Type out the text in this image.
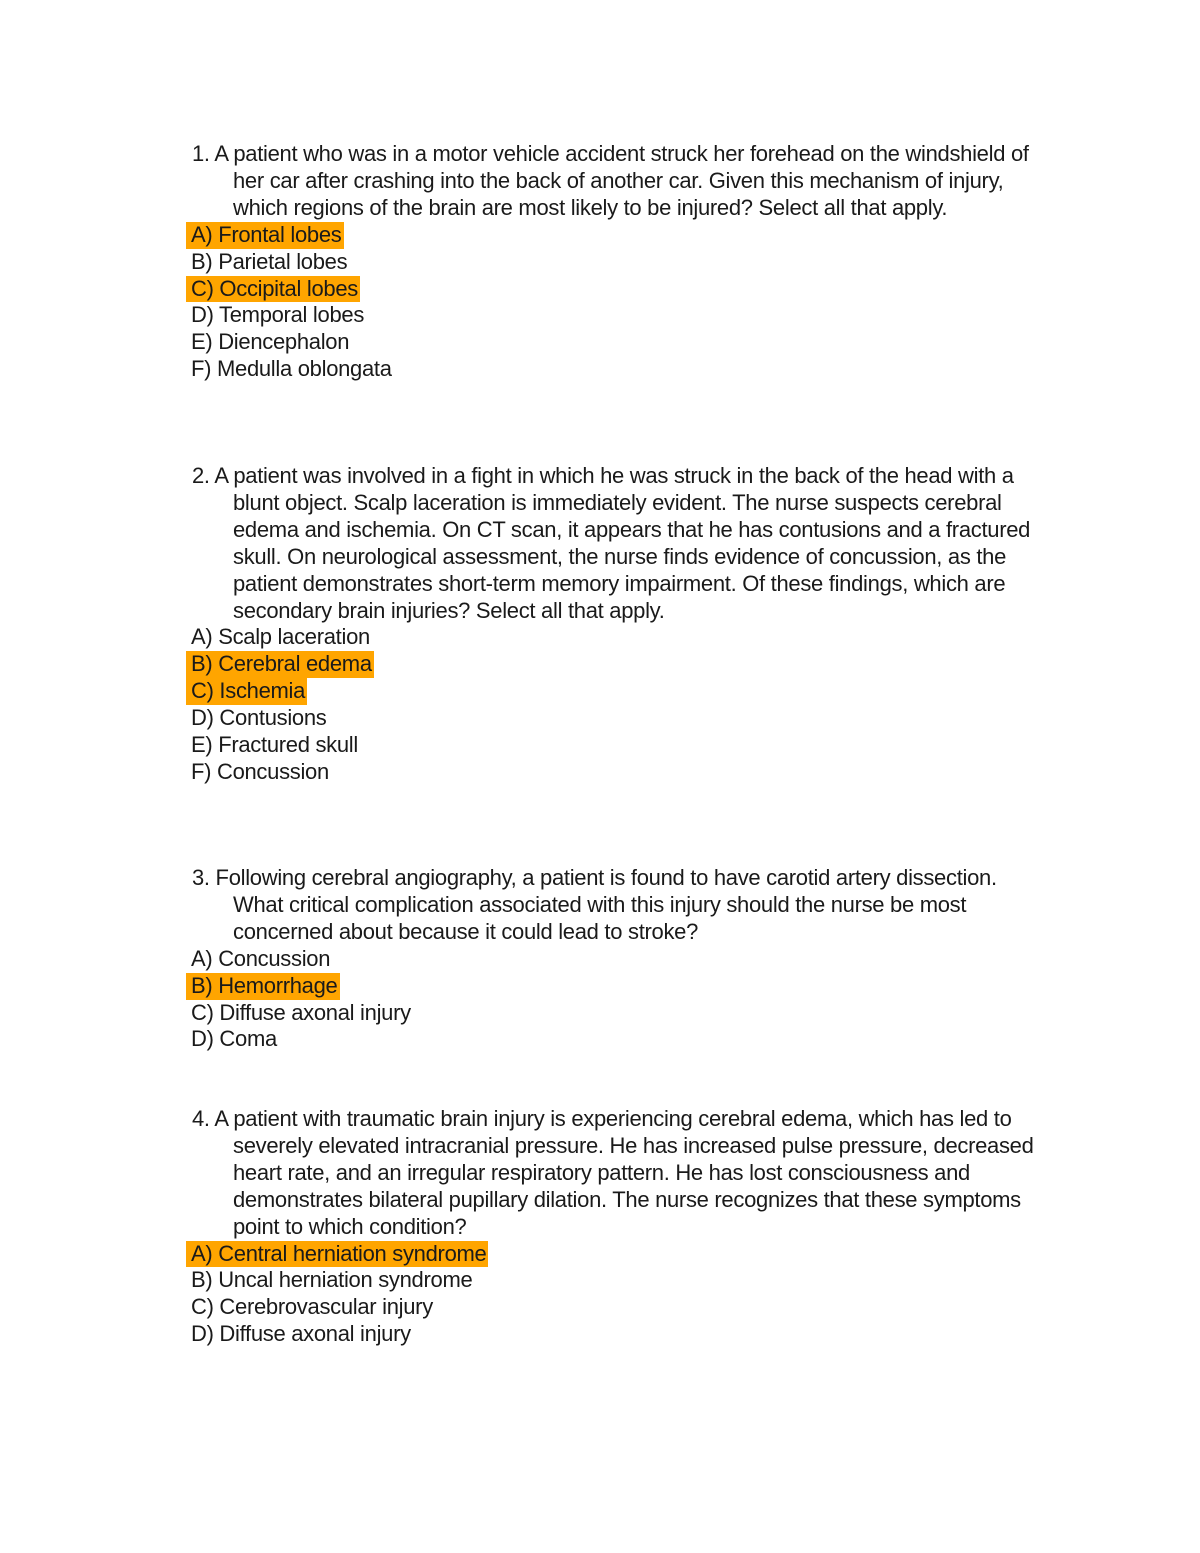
1. A patient who was in a motor vehicle accident struck her forehead on the windshield of her car after crashing into the back of another car. Given this mechanism of injury, which regions of the brain are most likely to be injured? Select all that apply.

A) Frontal lobes
B) Parietal lobes
C) Occipital lobes
D) Temporal lobes
E) Diencephalon
F) Medulla oblongata

2. A patient was involved in a fight in which he was struck in the back of the head with a blunt object. Scalp laceration is immediately evident. The nurse suspects cerebral edema and ischemia. On CT scan, it appears that he has contusions and a fractured skull. On neurological assessment, the nurse finds evidence of concussion, as the patient demonstrates short-term memory impairment. Of these findings, which are secondary brain injuries? Select all that apply.

A) Scalp laceration
B) Cerebral edema
C) Ischemia
D) Contusions
E) Fractured skull
F) Concussion

3. Following cerebral angiography, a patient is found to have carotid artery dissection. What critical complication associated with this injury should the nurse be most concerned about because it could lead to stroke?

A) Concussion
B) Hemorrhage
C) Diffuse axonal injury
D) Coma

4. A patient with traumatic brain injury is experiencing cerebral edema, which has led to severely elevated intracranial pressure. He has increased pulse pressure, decreased heart rate, and an irregular respiratory pattern. He has lost consciousness and demonstrates bilateral pupillary dilation. The nurse recognizes that these symptoms point to which condition?

A) Central herniation syndrome
B) Uncal herniation syndrome
C) Cerebrovascular injury
D) Diffuse axonal injury
